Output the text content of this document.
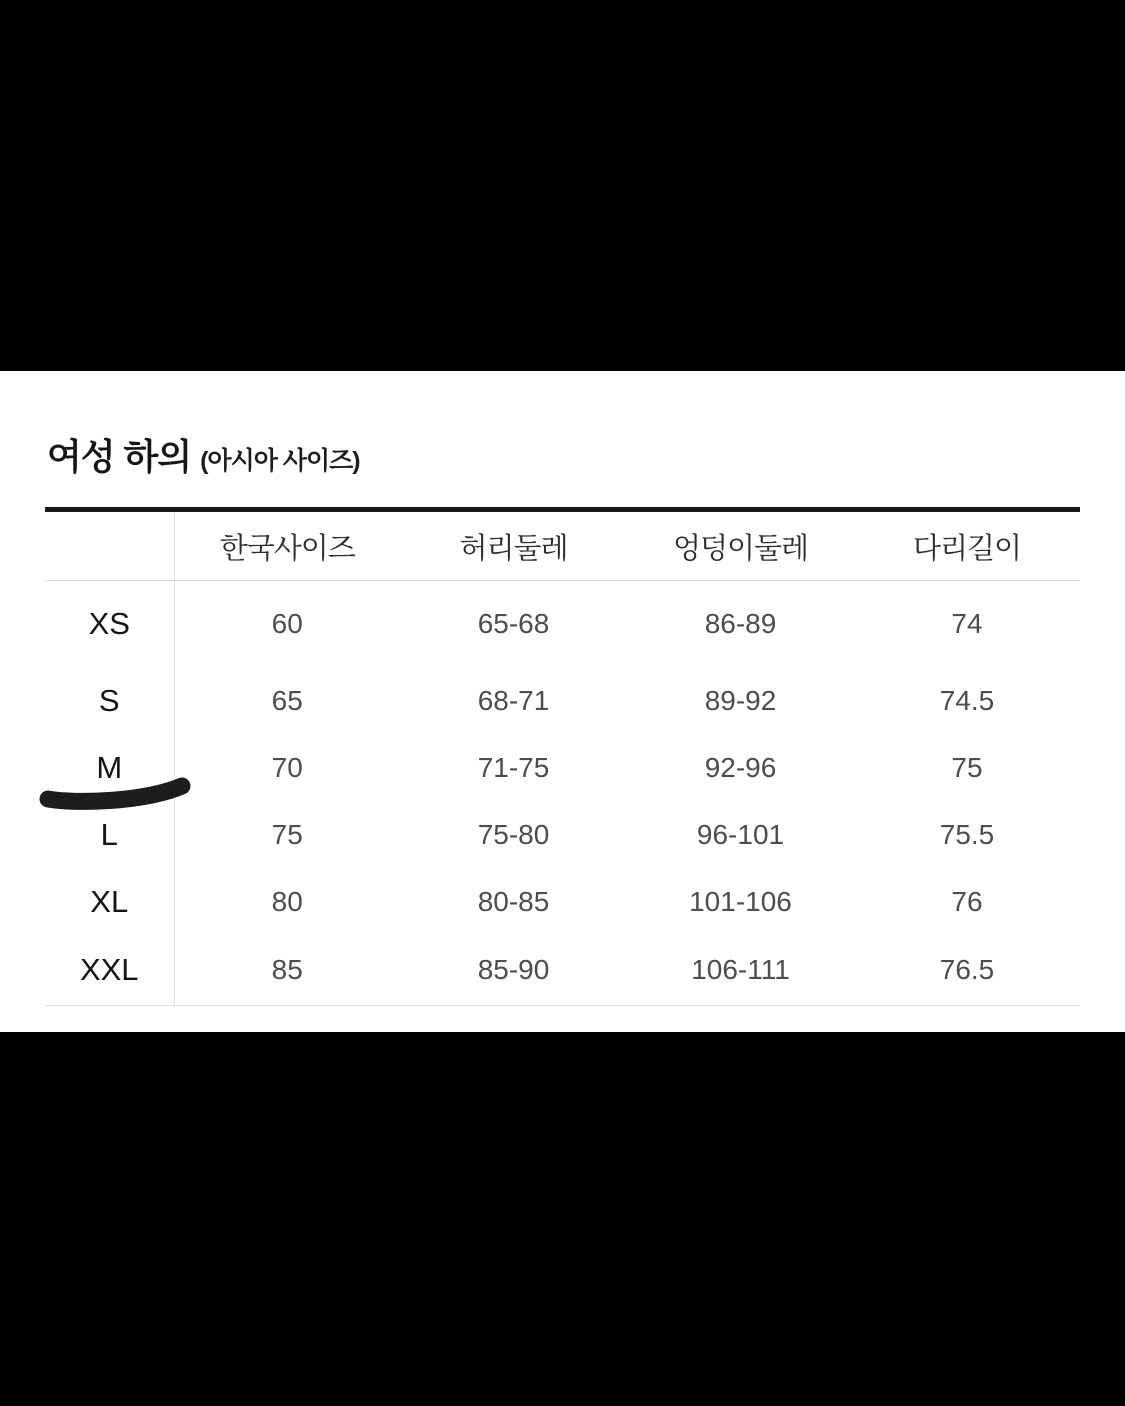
여성 하의 (아시아 사이즈)
	한국사이즈	허리둘레	엉덩이둘레	다리길이
XS	60	65-68	86-89	74
S	65	68-71	89-92	74.5
M	70	71-75	92-96	75
L	75	75-80	96-101	75.5
XL	80	80-85	101-106	76
XXL	85	85-90	106-111	76.5
